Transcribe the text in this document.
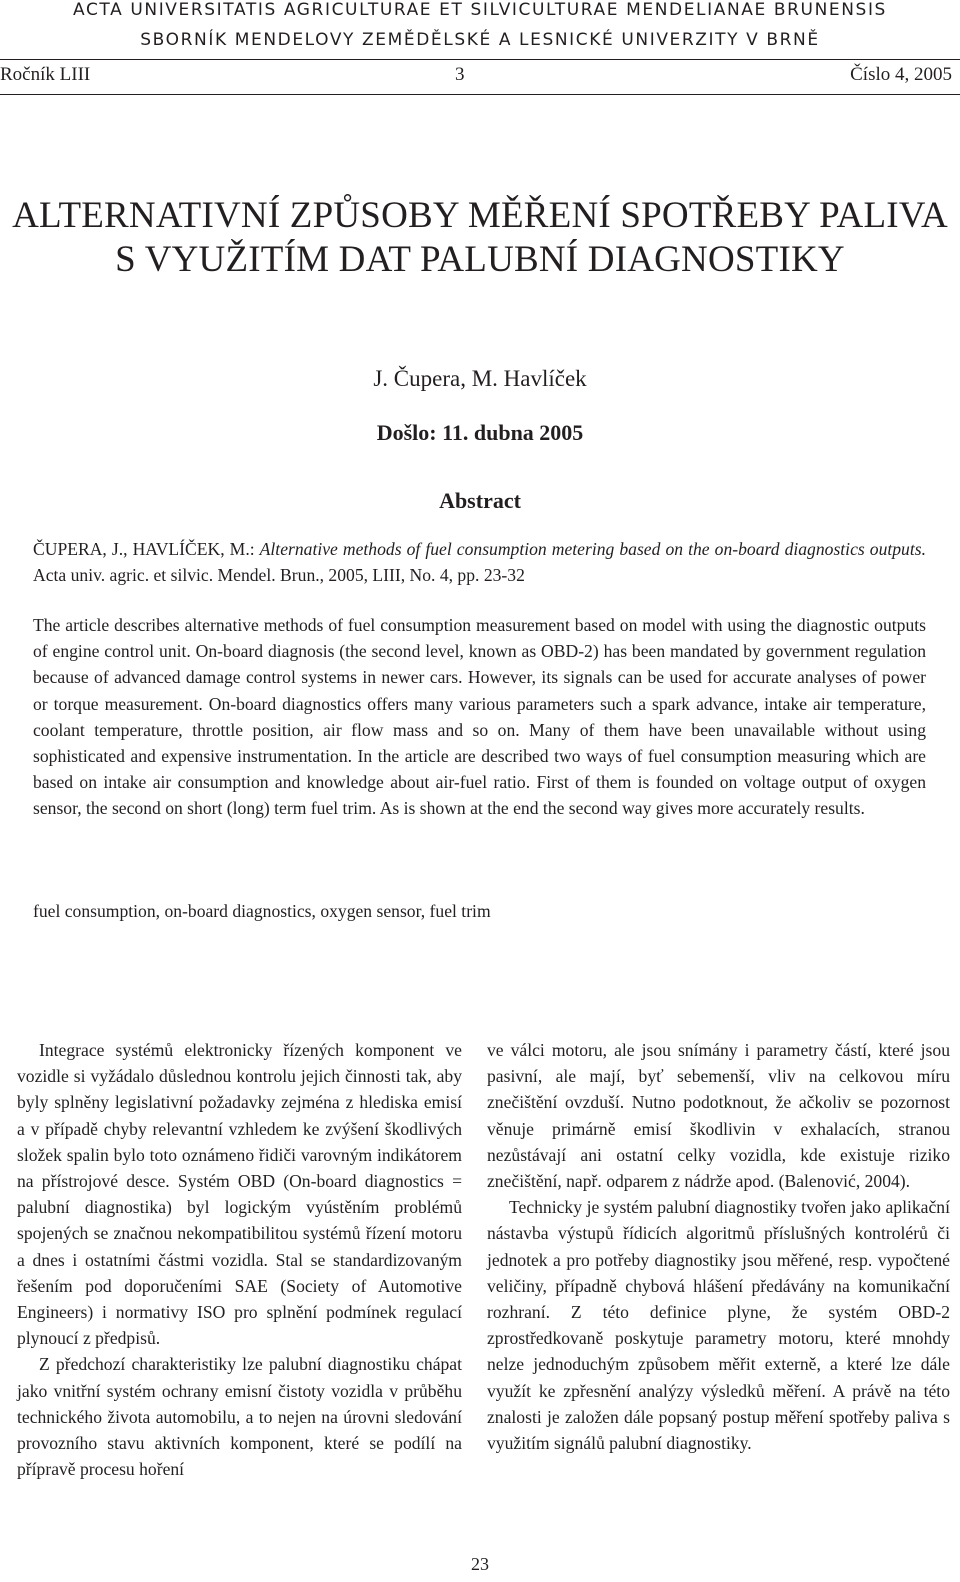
ACTA UNIVERSITATIS AGRICULTURAE ET SILVICULTURAE MENDELIANAE BRUNENSIS
SBORNÍK MENDELOVY ZEMĚDĚLSKÉ A LESNICKÉ UNIVERZITY V BRNĚ
Ročník LIII	3	Číslo 4, 2005
ALTERNATIVNÍ ZPŮSOBY MĚŘENÍ SPOTŘEBY PALIVA
S VYUŽITÍM DAT PALUBNÍ DIAGNOSTIKY
J. Čupera, M. Havlíček
Došlo: 11. dubna 2005
Abstract

ČUPERA, J., HAVLÍČEK, M.: Alternative methods of fuel consumption metering based on the on-board diagnostics outputs. Acta univ. agric. et silvic. Mendel. Brun., 2005, LIII, No. 4, pp. 23-32

The article describes alternative methods of fuel consumption measurement based on model with using the diagnostic outputs of engine control unit. On-board diagnosis (the second level, known as OBD-2) has been mandated by government regulation because of advanced damage control systems in newer cars. However, its signals can be used for accurate analyses of power or torque measurement. On-board diagnostics offers many various parameters such a spark advance, intake air temperature, coolant temperature, throttle position, air flow mass and so on. Many of them have been unavailable without using sophisticated and expensive instrumentation. In the article are described two ways of fuel consumption measuring which are based on intake air consumption and knowledge about air-fuel ratio. First of them is founded on voltage output of oxygen sensor, the second on short (long) term fuel trim. As is shown at the end the second way gives more accurately results.

fuel consumption, on-board diagnostics, oxygen sensor, fuel trim

Integrace systémů elektronicky řízených komponent ve vozidle si vyžádalo důslednou kontrolu jejich činnosti tak, aby byly splněny legislativní požadavky zejména z hlediska emisí a v případě chyby relevantní vzhledem ke zvýšení škodlivých složek spalin bylo toto oznámeno řidiči varovným indikátorem na přístrojové desce. Systém OBD (On-board diagnostics = palubní diagnostika) byl logickým vyústěním problémů spojených se značnou nekompatibilitou systémů řízení motoru a dnes i ostatními částmi vozidla. Stal se standardizovaným řešením pod doporučeními SAE (Society of Automotive Engineers) i normativy ISO pro splnění podmínek regulací plynoucí z předpisů.

Z předchozí charakteristiky lze palubní diagnostiku chápat jako vnitřní systém ochrany emisní čistoty vozidla v průběhu technického života automobilu, a to nejen na úrovni sledování provozního stavu aktivních komponent, které se podílí na přípravě procesu hoření

ve válci motoru, ale jsou snímány i parametry částí, které jsou pasivní, ale mají, byť sebemenší, vliv na celkovou míru znečištění ovzduší. Nutno podotknout, že ačkoliv se pozornost věnuje primárně emisí škodlivin v exhalacích, stranou nezůstávají ani ostatní celky vozidla, kde existuje riziko znečištění, např. odparem z nádrže apod. (Balenović, 2004).

Technicky je systém palubní diagnostiky tvořen jako aplikační nástavba výstupů řídicích algoritmů příslušných kontrolérů či jednotek a pro potřeby diagnostiky jsou měřené, resp. vypočtené veličiny, případně chybová hlášení předávány na komunikační rozhraní. Z této definice plyne, že systém OBD-2 zprostředkovaně poskytuje parametry motoru, které mnohdy nelze jednoduchým způsobem měřit externě, a které lze dále využít ke zpřesnění analýzy výsledků měření. A právě na této znalosti je založen dále popsaný postup měření spotřeby paliva s využitím signálů palubní diagnostiky.

23
